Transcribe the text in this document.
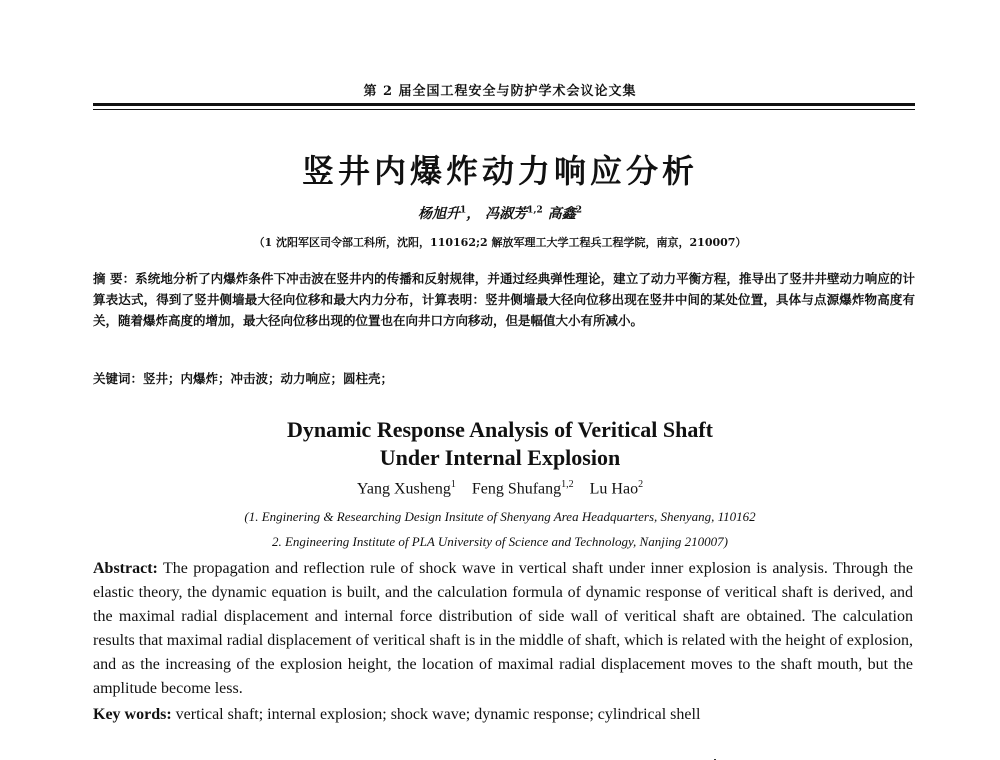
第 2 届全国工程安全与防护学术会议论文集
竖井内爆炸动力响应分析
杨旭升$^1$， 冯淑芳$^{1,2}$ 高鑫$^2$
（1 沈阳军区司令部工科所，沈阳，110162;2 解放军理工大学工程兵工程学院，南京，210007）
摘 要：系统地分析了内爆炸条件下冲击波在竖井内的传播和反射规律，并通过经典弹性理论，建立了动力平衡方程，推导出了竖井井壁动力响应的计算表达式，得到了竖井侧墙最大径向位移和最大内力分布，计算表明：竖井侧墙最大径向位移出现在竖井中间的某处位置，具体与点源爆炸物高度有关，随着爆炸高度的增加，最大径向位移出现的位置也在向井口方向移动，但是幅值大小有所减小。
关键词：竖井；内爆炸；冲击波；动力响应；圆柱壳；
Dynamic Response Analysis of Veritical Shaft
Under Internal Explosion
Yang Xusheng$^1$ Feng Shufang$^{1,2}$ Lu Hao$^2$
(1. Enginering & Researching Design Insitute of Shenyang Area Headquarters, Shenyang, 110162
2. Engineering Institute of PLA University of Science and Technology, Nanjing 210007)
Abstract: The propagation and reflection rule of shock wave in vertical shaft under inner explosion is analysis. Through the elastic theory, the dynamic equation is built, and the calculation formula of dynamic response of veritical shaft is derived, and the maximal radial displacement and internal force distribution of side wall of veritical shaft are obtained. The calculation results that maximal radial displacement of veritical shaft is in the middle of shaft, which is related with the height of explosion, and as the increasing of the explosion height, the location of maximal radial displacement moves to the shaft mouth, but the amplitude become less.
Key words: vertical shaft; internal explosion; shock wave; dynamic response; cylindrical shell
